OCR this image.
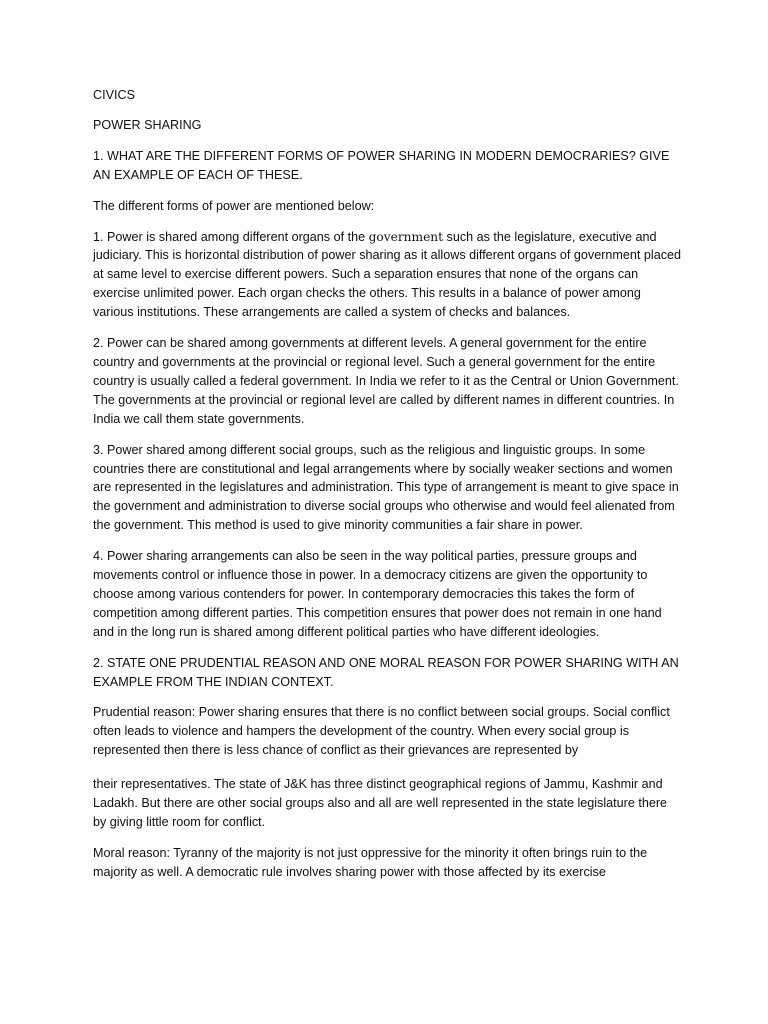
CIVICS

POWER SHARING

1. WHAT ARE THE DIFFERENT FORMS OF POWER SHARING IN MODERN DEMOCRARIES? GIVE AN EXAMPLE OF EACH OF THESE.

The different forms of power are mentioned below:

1. Power is shared among different organs of the government such as the legislature, executive and judiciary. This is horizontal distribution of power sharing as it allows different organs of government placed at same level to exercise different powers. Such a separation ensures that none of the organs can exercise unlimited power. Each organ checks the others. This results in a balance of power among various institutions. These arrangements are called a system of checks and balances.

2. Power can be shared among governments at different levels. A general government for the entire country and governments at the provincial or regional level. Such a general government for the entire country is usually called a federal government. In India we refer to it as the Central or Union Government. The governments at the provincial or regional level are called by different names in different countries. In India we call them state governments.

3. Power shared among different social groups, such as the religious and linguistic groups. In some countries there are constitutional and legal arrangements where by socially weaker sections and women are represented in the legislatures and administration. This type of arrangement is meant to give space in the government and administration to diverse social groups who otherwise and would feel alienated from the government. This method is used to give minority communities a fair share in power.

4. Power sharing arrangements can also be seen in the way political parties, pressure groups and movements control or influence those in power. In a democracy citizens are given the opportunity to choose among various contenders for power. In contemporary democracies this takes the form of competition among different parties. This competition ensures that power does not remain in one hand and in the long run is shared among different political parties who have different ideologies.

2. STATE ONE PRUDENTIAL REASON AND ONE MORAL REASON FOR POWER SHARING WITH AN EXAMPLE FROM THE INDIAN CONTEXT.

Prudential reason: Power sharing ensures that there is no conflict between social groups. Social conflict often leads to violence and hampers the development of the country. When every social group is represented then there is less chance of conflict as their grievances are represented by

their representatives. The state of J&K has three distinct geographical regions of Jammu, Kashmir and Ladakh. But there are other social groups also and all are well represented in the state legislature there by giving little room for conflict.

Moral reason: Tyranny of the majority is not just oppressive for the minority it often brings ruin to the majority as well. A democratic rule involves sharing power with those affected by its exercise
